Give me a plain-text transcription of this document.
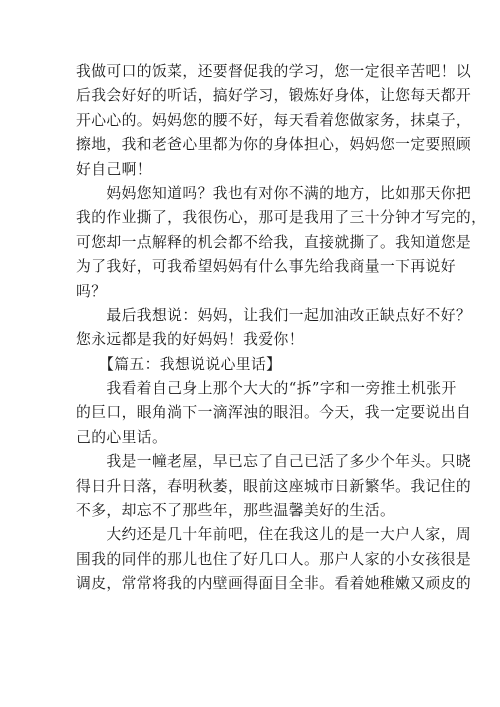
我做可口的饭菜，还要督促我的学习，您一定很辛苦吧！以
后我会好好的听话，搞好学习，锻炼好身体，让您每天都开
开心心的。妈妈您的腰不好，每天看着您做家务，抹桌子，
擦地，我和老爸心里都为你的身体担心，妈妈您一定要照顾
好自己啊！
　　妈妈您知道吗？我也有对你不满的地方，比如那天你把
我的作业撕了，我很伤心，那可是我用了三十分钟才写完的，
可您却一点解释的机会都不给我，直接就撕了。我知道您是
为了我好，可我希望妈妈有什么事先给我商量一下再说好
吗？
　　最后我想说：妈妈，让我们一起加油改正缺点好不好？
您永远都是我的好妈妈！我爱你！
　　【篇五：我想说说心里话】
　　我看着自己身上那个大大的“拆”字和一旁推土机张开
的巨口，眼角淌下一滴浑浊的眼泪。今天，我一定要说出自
己的心里话。
　　我是一幢老屋，早已忘了自己已活了多少个年头。只晓
得日升日落，春明秋萎，眼前这座城市日新繁华。我记住的
不多，却忘不了那些年，那些温馨美好的生活。
　　大约还是几十年前吧，住在我这儿的是一大户人家，周
围我的同伴的那儿也住了好几口人。那户人家的小女孩很是
调皮，常常将我的内壁画得面目全非。看着她稚嫩又顽皮的
